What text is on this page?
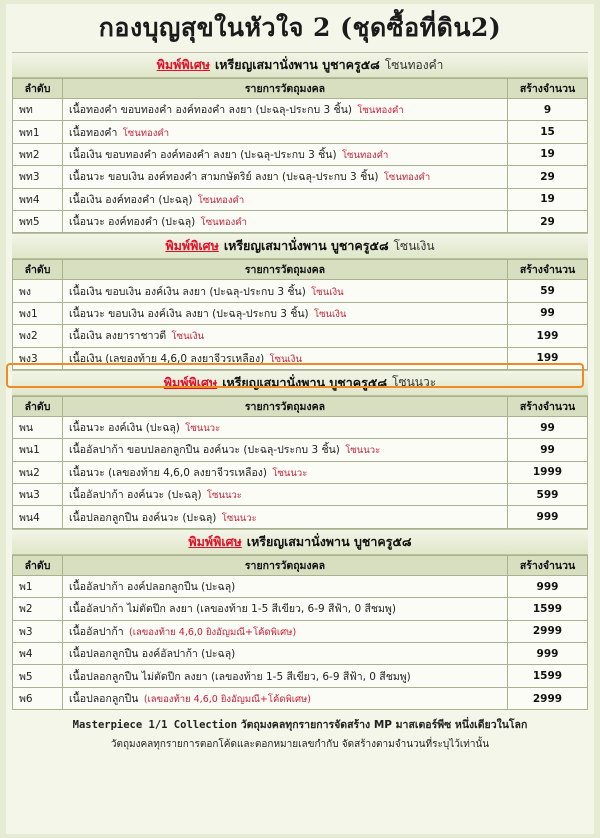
กองบุญสุขในหัวใจ 2 (ชุดซื้อที่ดิน2)
พิมพ์พิเศษ เหรียญเสมานั่งพาน บูชาครู๕๘ โซนทองคำ
ลำดับ	รายการวัตถุมงคล	สร้างจำนวน
พท	เนื้อทองคำ ขอบทองคำ องค์ทองคำ ลงยา (ปะฉลุ-ประกบ 3 ชิ้น) โซนทองคำ	9
พท1	เนื้อทองคำ โซนทองคำ	15
พท2	เนื้อเงิน ขอบทองคำ องค์ทองคำ ลงยา (ปะฉลุ-ประกบ 3 ชิ้น) โซนทองคำ	19
พท3	เนื้อนวะ ขอบเงิน องค์ทองคำ สามกษัตริย์ ลงยา (ปะฉลุ-ประกบ 3 ชิ้น) โซนทองคำ	29
พท4	เนื้อเงิน องค์ทองคำ (ปะฉลุ) โซนทองคำ	19
พท5	เนื้อนวะ องค์ทองคำ (ปะฉลุ) โซนทองคำ	29
พิมพ์พิเศษ เหรียญเสมานั่งพาน บูชาครู๕๘ โซนเงิน
ลำดับ	รายการวัตถุมงคล	สร้างจำนวน
พง	เนื้อเงิน ขอบเงิน องค์เงิน ลงยา (ปะฉลุ-ประกบ 3 ชิ้น) โซนเงิน	59
พง1	เนื้อนวะ ขอบเงิน องค์เงิน ลงยา (ปะฉลุ-ประกบ 3 ชิ้น) โซนเงิน	99
พง2	เนื้อเงิน ลงยาราชาวดี โซนเงิน	199
พง3	เนื้อเงิน (เลของท้าย 4,6,0 ลงยาจีวรเหลือง) โซนเงิน	199
พิมพ์พิเศษ เหรียญเสมานั่งพาน บูชาครู๕๘ โซนนวะ
ลำดับ	รายการวัตถุมงคล	สร้างจำนวน
พน	เนื้อนวะ องค์เงิน (ปะฉลุ) โซนนวะ	99
พน1	เนื้ออัลปาก้า ขอบปลอกลูกปืน องค์นวะ (ปะฉลุ-ประกบ 3 ชิ้น) โซนนวะ	99
พน2	เนื้อนวะ (เลของท้าย 4,6,0 ลงยาจีวรเหลือง) โซนนวะ	1999
พน3	เนื้ออัลปาก้า องค์นวะ (ปะฉลุ) โซนนวะ	599
พน4	เนื้อปลอกลูกปืน องค์นวะ (ปะฉลุ) โซนนวะ	999
พิมพ์พิเศษ เหรียญเสมานั่งพาน บูชาครู๕๘
ลำดับ	รายการวัตถุมงคล	สร้างจำนวน
พ1	เนื้ออัลปาก้า องค์ปลอกลูกปืน (ปะฉลุ)	999
พ2	เนื้ออัลปาก้า ไม่ตัดปีก ลงยา (เลของท้าย 1-5 สีเขียว, 6-9 สีฟ้า, 0 สีชมพู)	1599
พ3	เนื้ออัลปาก้า (เลของท้าย 4,6,0 ยิงอัญมณี+โค้ดพิเศษ)	2999
พ4	เนื้อปลอกลูกปืน องค์อัลปาก้า (ปะฉลุ)	999
พ5	เนื้อปลอกลูกปืน ไม่ตัดปีก ลงยา (เลของท้าย 1-5 สีเขียว, 6-9 สีฟ้า, 0 สีชมพู)	1599
พ6	เนื้อปลอกลูกปืน (เลของท้าย 4,6,0 ยิงอัญมณี+โค้ดพิเศษ)	2999
Masterpiece 1/1 Collection วัตถุมงคลทุกรายการจัดสร้าง MP มาสเตอร์พีซ หนึ่งเดียวในโลก
วัตถุมงคลทุกรายการตอกโค้ดและตอกหมายเลขกำกับ จัดสร้างตามจำนวนที่ระบุไว้เท่านั้น
